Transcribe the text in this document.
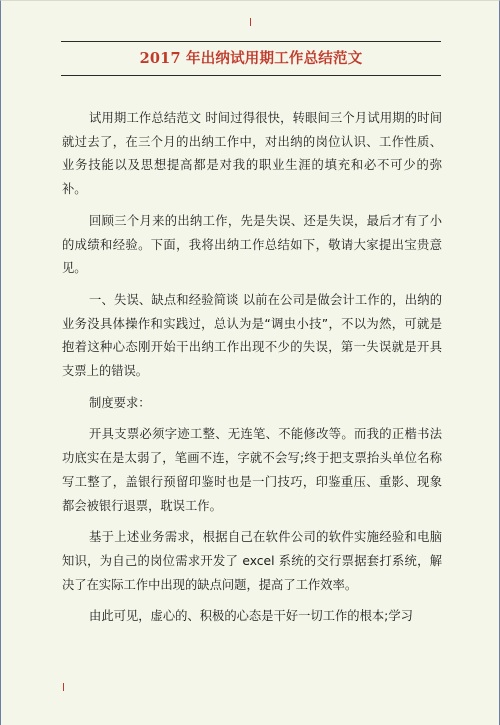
2017 年出纳试用期工作总结范文

试用期工作总结范文 时间过得很快，转眼间三个月试用期的时间就过去了，在三个月的出纳工作中，对出纳的岗位认识、工作性质、业务技能以及思想提高都是对我的职业生涯的填充和必不可少的弥补。

回顾三个月来的出纳工作，先是失误、还是失误，最后才有了小的成绩和经验。下面，我将出纳工作总结如下，敬请大家提出宝贵意见。

一、失误、缺点和经验简谈 以前在公司是做会计工作的，出纳的业务没具体操作和实践过，总认为是“调虫小技”，不以为然，可就是抱着这种心态刚开始干出纳工作出现不少的失误，第一失误就是开具支票上的错误。

制度要求：

开具支票必须字迹工整、无连笔、不能修改等。而我的正楷书法功底实在是太弱了，笔画不连，字就不会写;终于把支票抬头单位名称写工整了，盖银行预留印鉴时也是一门技巧，印鉴重压、重影、现象都会被银行退票，耽误工作。

基于上述业务需求，根据自己在软件公司的软件实施经验和电脑知识，为自己的岗位需求开发了 excel 系统的交行票据套打系统，解决了在实际工作中出现的缺点问题，提高了工作效率。

由此可见，虚心的、积极的心态是干好一切工作的根本;学习
